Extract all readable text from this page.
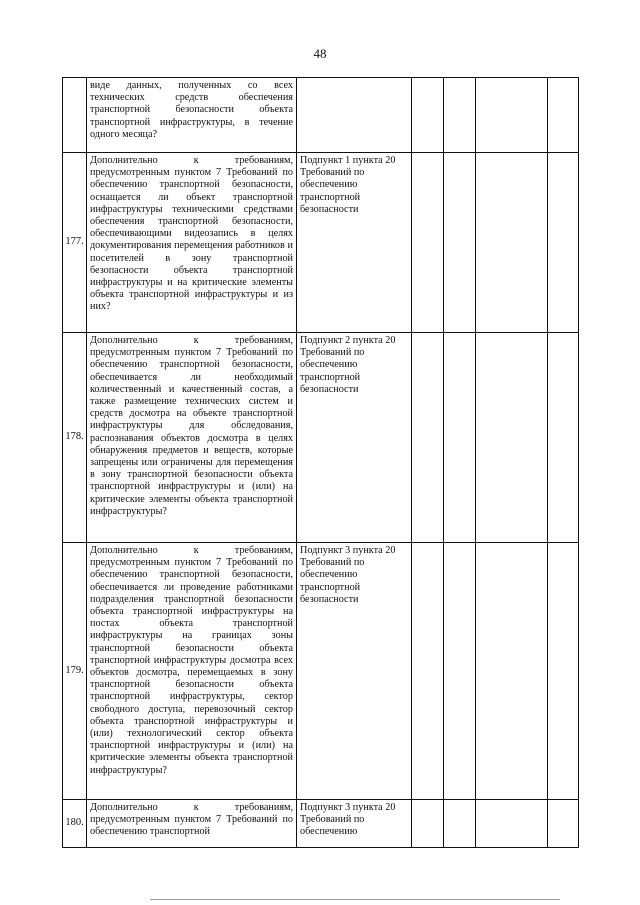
48
	виде данных, полученных со всех технических средств обеспечения транспортной безопасности объекта транспортной инфраструктуры, в течение одного месяца?					
177.	Дополнительно к требованиям, предусмотренным пунктом 7 Требований по обеспечению транспортной безопасности, оснащается ли объект транспортной инфраструктуры техническими средствами обеспечения транспортной безопасности, обеспечивающими видеозапись в целях документирования перемещения работников и посетителей в зону транспортной безопасности объекта транспортной инфраструктуры и на критические элементы объекта транспортной инфраструктуры и из них?	Подпункт 1 пункта 20 Требований по обеспечению транспортной безопасности				
178.	Дополнительно к требованиям, предусмотренным пунктом 7 Требований по обеспечению транспортной безопасности, обеспечивается ли необходимый количественный и качественный состав, а также размещение технических систем и средств досмотра на объекте транспортной инфраструктуры для обследования, распознавания объектов досмотра в целях обнаружения предметов и веществ, которые запрещены или ограничены для перемещения в зону транспортной безопасности объекта транспортной инфраструктуры и (или) на критические элементы объекта транспортной инфраструктуры?	Подпункт 2 пункта 20 Требований по обеспечению транспортной безопасности				
179.	Дополнительно к требованиям, предусмотренным пунктом 7 Требований по обеспечению транспортной безопасности, обеспечивается ли проведение работниками подразделения транспортной безопасности объекта транспортной инфраструктуры на постах объекта транспортной инфраструктуры на границах зоны транспортной безопасности объекта транспортной инфраструктуры досмотра всех объектов досмотра, перемещаемых в зону транспортной безопасности объекта транспортной инфраструктуры, сектор свободного доступа, перевозочный сектор объекта транспортной инфраструктуры и (или) технологический сектор объекта транспортной инфраструктуры и (или) на критические элементы объекта транспортной инфраструктуры?	Подпункт 3 пункта 20 Требований по обеспечению транспортной безопасности				
180.	Дополнительно к требованиям, предусмотренным пунктом 7 Требований по обеспечению транспортной	Подпункт 3 пункта 20 Требований по обеспечению				
